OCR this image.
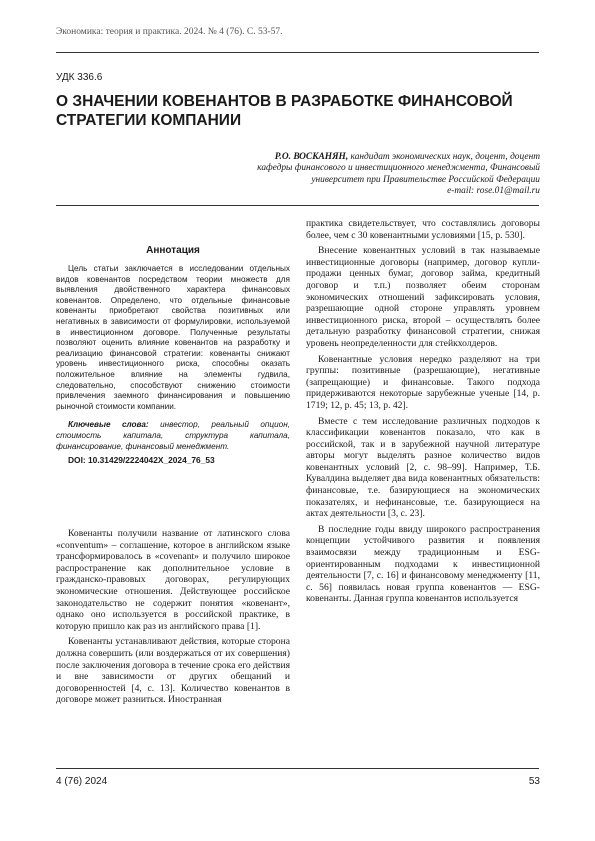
Экономика: теория и практика. 2024. № 4 (76). С. 53-57.
УДК 336.6
О ЗНАЧЕНИИ КОВЕНАНТОВ В РАЗРАБОТКЕ ФИНАНСОВОЙ СТРАТЕГИИ КОМПАНИИ
Р.О. ВОСКАНЯН, кандидат экономических наук, доцент, доцент
кафедры финансового и инвестиционного менеджмента, Финансовый
университет при Правительстве Российской Федерации
e-mail: rose.01@mail.ru
Аннотация

Цель статьи заключается в исследовании отдельных видов ковенантов посредством теории множеств для выявления двойственного характера финансовых ковенантов. Определено, что отдельные финансовые ковенанты приобретают свойства позитивных или негативных в зависимости от формулировки, используемой в инвестиционном договоре. Полученные результаты позволяют оценить влияние ковенантов на разработку и реализацию финансовой стратегии: ковенанты снижают уровень инвестиционного риска, способны оказать положительное влияние на элементы гудвила, следовательно, способствуют снижению стоимости привлечения заемного финансирования и повышению рыночной стоимости компании.

Ключевые слова: инвестор, реальный опцион, стоимость капитала, структура капитала, финансирование, финансовый менеджмент.

DOI: 10.31429/2224042X_2024_76_53

Ковенанты получили название от латинского слова «conventum» – соглашение, которое в английском языке трансформировалось в «covenant» и получило широкое распространение как дополнительное условие в гражданско-правовых договорах, регулирующих экономические отношения. Действующее российское законодательство не содержит понятия «ковенант», однако оно используется в российской практике, в которую пришло как раз из английского права [1].

Ковенанты устанавливают действия, которые сторона должна совершить (или воздержаться от их совершения) после заключения договора в течение срока его действия и вне зависимости от других обещаний и договоренностей [4, с. 13]. Количество ковенантов в договоре может разниться. Иностранная

практика свидетельствует, что составлялись договоры более, чем с 30 ковенантными условиями [15, p. 530].

Внесение ковенантных условий в так называемые инвестиционные договоры (например, договор купли-продажи ценных бумаг, договор займа, кредитный договор и т.п.) позволяет обеим сторонам экономических отношений зафиксировать условия, разрешающие одной стороне управлять уровнем инвестиционного риска, второй – осуществлять более детальную разработку финансовой стратегии, снижая уровень неопределенности для стейкхолдеров.

Ковенантные условия нередко разделяют на три группы: позитивные (разрешающие), негативные (запрещающие) и финансовые. Такого подхода придерживаются некоторые зарубежные ученые [14, p. 1719; 12, p. 45; 13, p. 42].

Вместе с тем исследование различных подходов к классификации ковенантов показало, что как в российской, так и в зарубежной научной литературе авторы могут выделять разное количество видов ковенантных условий [2, с. 98–99]. Например, Т.Б. Кувалдина выделяет два вида ковенантных обязательств: финансовые, т.е. базирующиеся на экономических показателях, и нефинансовые, т.е. базирующиеся на актах деятельности [3, с. 23].

В последние годы ввиду широкого распространения концепции устойчивого развития и появления взаимосвязи между традиционным и ESG-ориентированным подходами к инвестиционной деятельности [7, с. 16] и финансовому менеджменту [11, с. 56] появилась новая группа ковенантов — ESG-ковенанты. Данная группа ковенантов используется

4 (76) 2024	53
